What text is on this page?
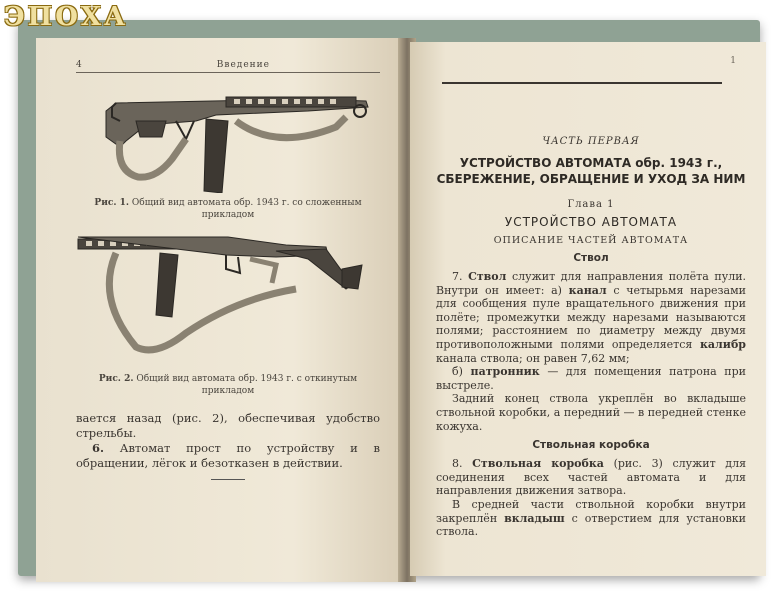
ЭПОХА
4	Введение
Рис. 1. Общий вид автомата обр. 1943 г. со сложенным прикладом
Рис. 2. Общий вид автомата обр. 1943 г. с откинутым прикладом

вается назад (рис. 2), обеспечивая удобство стрельбы.

6. Автомат прост по устройству и в обращении, лёгок и безотказен в действии.

1
ЧАСТЬ ПЕРВАЯ
УСТРОЙСТВО АВТОМАТА обр. 1943 г.,
СБЕРЕЖЕНИЕ, ОБРАЩЕНИЕ И УХОД ЗА НИМ
Глава 1
УСТРОЙСТВО АВТОМАТА
ОПИСАНИЕ ЧАСТЕЙ АВТОМАТА
Ствол

7. Ствол служит для направления полёта пули. Внутри он имеет: а) канал с четырьмя нарезами для сообщения пуле вращательного движения при полёте; промежутки между нарезами называются полями; расстоянием по диаметру между двумя противоположными полями определяется калибр канала ствола; он равен 7,62 мм;

б) патронник — для помещения патрона при выстреле.

Задний конец ствола укреплён во вкладыше ствольной коробки, а передний — в передней стенке кожуха.

Ствольная коробка

8. Ствольная коробка (рис. 3) служит для соединения всех частей автомата и для направления движения затвора.

В средней части ствольной коробки внутри закреплён вкладыш с отверстием для установки ствола.
